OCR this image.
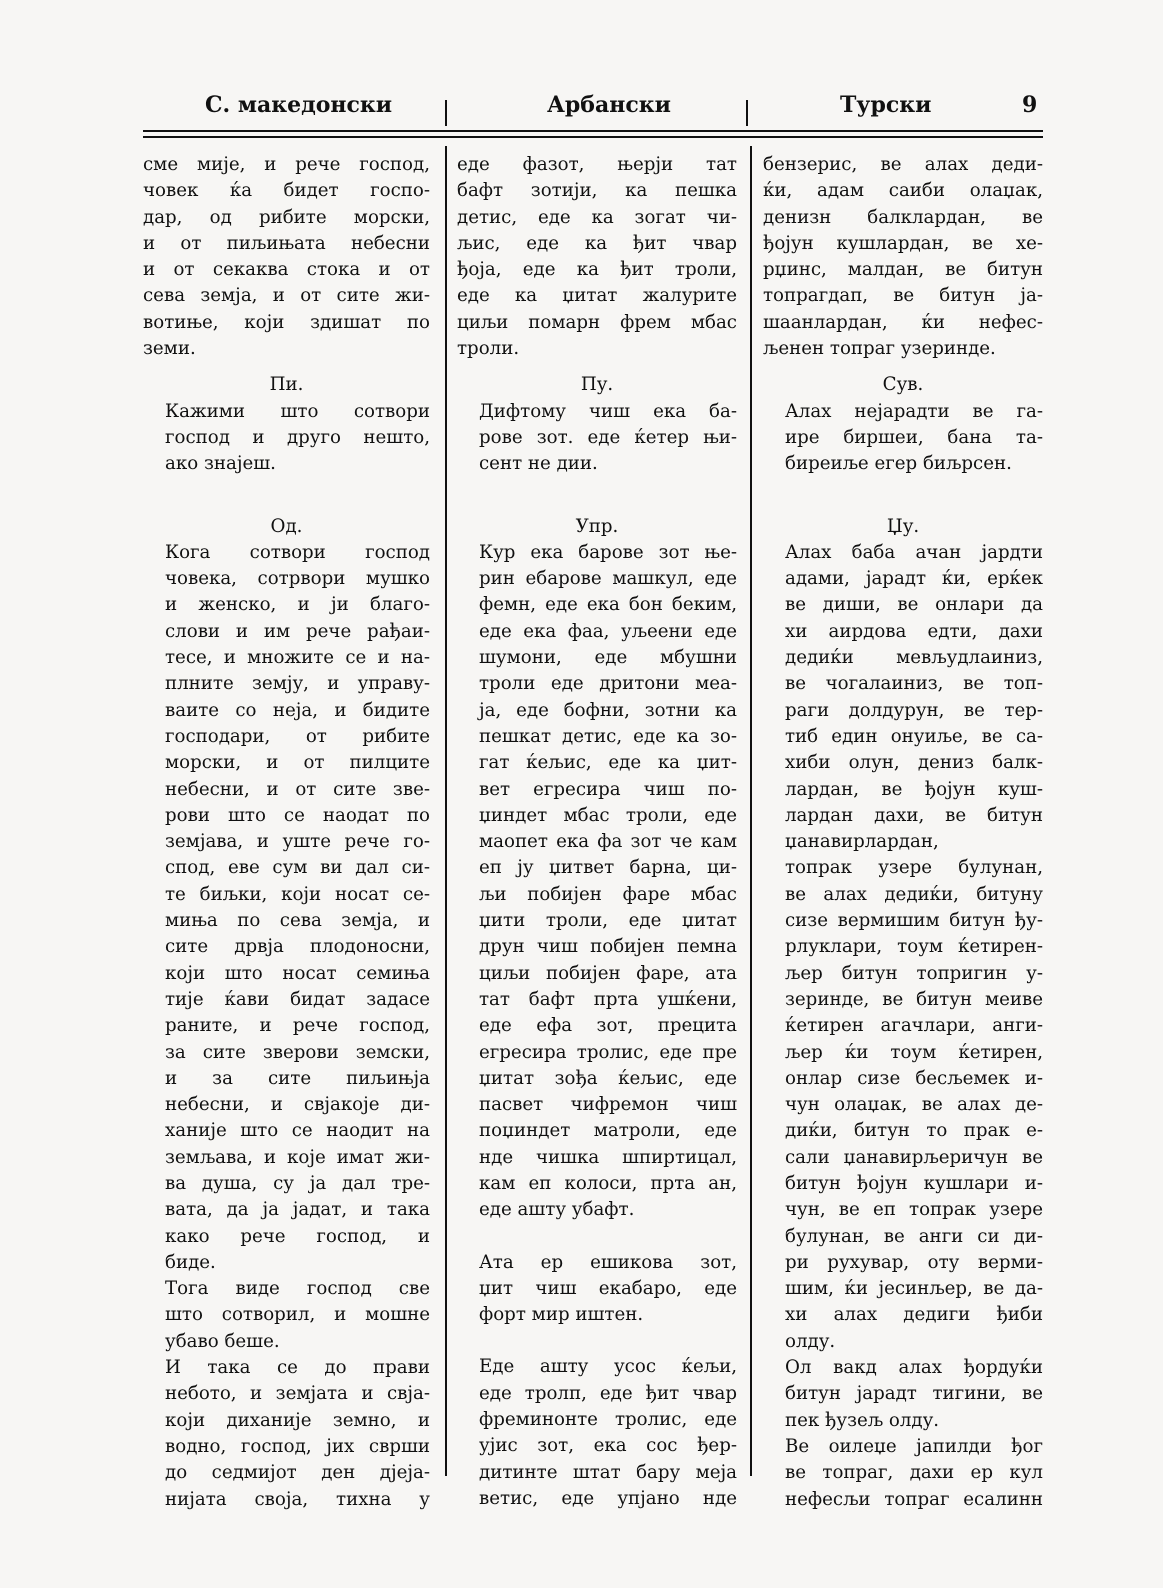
С. македонски	Арбански	Турски	9

сме мије, и рече господ,
човек ќа бидет госпо-
дар, од рибите морски,
и от пиљињата небесни
и от секаква стока и от
сева земја, и от сите жи-
вотиње, који здишат по
земи.

Пи.

Кажими што сотвори
господ и друго нешто,
ако знајеш.

Од.

Кога сотвори господ
човека, сотрвори мушко
и женско, и ји благо-
слови и им рече рађаи-
тесе, и множите се и на-
плните земју, и управу-
ваите со неја, и бидите
господари, от рибите
морски, и от пилците
небесни, и от сите зве-
рови што се наодат по
земјава, и уште рече го-
спод, еве сум ви дал си-
те биљки, који носат се-
мињa по сева земја, и
сите дрвја плодоносни,
који што носат семиња
тије ќави бидат задасе
раните, и рече господ,
за сите зверови земски,
и за сите пиљињја
небесни, и свјакоје ди-
ханије што се наодит на
земљава, и које имат жи-
ва душа, су ја дал тре-
вата, да ја јадат, и така
како рече господ, и
биде.

Тога виде господ све
што сотворил, и мошне
убаво беше.

И така се до прави
небото, и земјата и свја-
који диханије земно, и
водно, господ, јих сврши
до седмијот ден дјеја-
нијата своја, тихна у

еде фазот, њерји тат
бафт зотији, ка пешка
детис, еде ка зогат чи-
љис, еде ка ђит чвар
ђоја, еде ка ђит троли,
еде ка џитат жалурите
циљи помарн фрем мбас
троли.

Пу.

Дифтому чиш ека ба-
рове зот. еде ќетер њи-
сент не дии.

Упр.

Кур ека барове зот ње-
рин ебарове машкул, еде
фемн, еде ека бон беким,
еде ека фаа, уљеени еде
шумони, еде мбушни
троли еде дритони меа-
ја, еде бофни, зотни ка
пешкат детис, еде ка зо-
гат ќељис, еде ка џит-
вет егресира чиш по-
џиндет мбас троли, еде
маопет ека фа зот че кам
еп ју џитвет барна, ци-
љи побијен фаре мбас
џити троли, еде џитат
друн чиш побијен пемна
циљи побијен фаре, ата
тат бафт прта ушќени,
еде ефа зот, прецита
егресира тролис, еде пре
џитат зођа ќељис, еде
пасвет чифремон чиш
поџиндет матроли, еде
нде чишка шпиртицал,
кам еп колоси, прта ан,
еде ашту убафт.

Ата ер ешикова зот,
џит чиш екабаро, еде
форт мир иштен.

Еде ашту усос ќељи,
еде тролп, еде ђит чвар
фреминонте тролис, еде
ујис зот, ека сос ђер-
дитинте штат бару меја
ветис, еде упјано нде

бензерис, ве алах деди-
ќи, адам саиби олаџак,
денизн балклардан, ве
ђојун кушлардан, ве хе-
рџинс, малдан, ве битун
топрагдап, ве битун ја-
шаанлардан, ќи нефес-
љенен топраг узеринде.

Сув.

Алах нејарадти ве га-
ире биршеи, бана та-
биреиље егер биљрсен.

Џу.

Алах баба ачан јардти
адами, јарадт ќи, ерќек
ве диши, ве онлари да
хи аирдова едти, дахи
дедиќи мевљудлаиниз,
ве чогалаиниз, ве топ-
раги долдурун, ве тер-
тиб един онуиље, ве са-
хиби олун, дениз балк-
лардан, ве ђојун куш-
лардан дахи, ве битун
џанавирлардан,
топрак узере булунан,
ве алах дедиќи, битуну
сизе вермишим битун ђу-
рлуклари, тоум ќетирен-
љер битун топригин у-
зеринде, ве битун меиве
ќетирен агачлари, анги-
љер ќи тоум ќетирен,
онлар сизе бесљемек и-
чун олаџак, ве алах де-
диќи, битун то прак е-
сали џанавирљеричун ве
битун ђојун кушлари и-
чун, ве еп топрак узере
булунан, ве анги си ди-
ри рухувар, оту верми-
шим, ќи јесинљер, ве да-
хи алах дедиги ђиби
олду.

Ол вакд алах ђордуќи
битун јарадт тигини, ве
пек ђузељ олду.

Ве оилеџе јапилди ђог
ве топраг, дахи ер кул
нефесљи топраг есалинн
